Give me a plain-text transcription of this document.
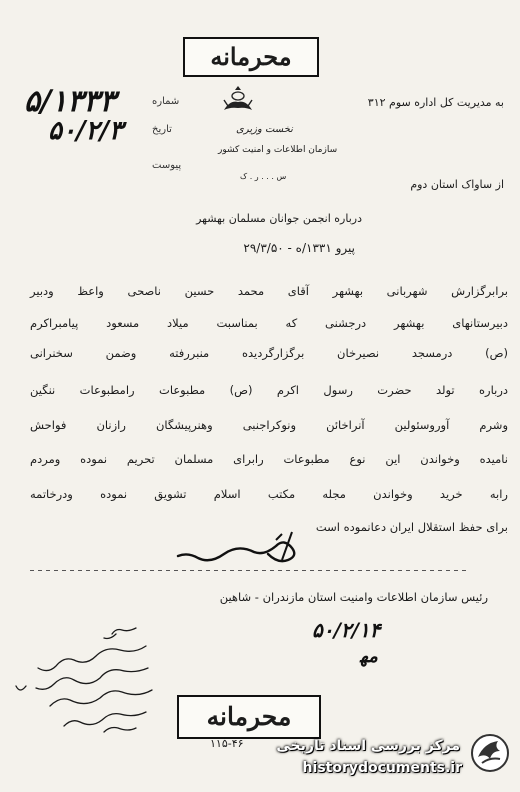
محرمانه
به مدیریت کل اداره سوم ۳۱۲
از ساواک استان دوم
نخست وزیری
سازمان اطلاعات و امنیت کشور
س . . . ر . ک
شماره
تاریخ
پیوست
۵/۱۳۳۳
۵۰/۲/۳
درباره انجمن جوانان مسلمان بهشهر
پیرو ۱۳۳۱/ه - ۲۹/۳/۵۰
برابرگزارش شهربانی بهشهر آقای محمد حسین ناصحی واعظ ودبیر
دبیرستانهای بهشهر درجشنی که بمناسبت میلاد مسعود پیامبراکرم
(ص) درمسجد نصیرخان برگزارگردیده منبررفته وضمن سخنرانی
درباره تولد حضرت رسول اکرم (ص) مطبوعات رامطبوعات ننگین
وشرم آوروسئولین آنراخائن ونوکراجنبی وهنرپیشگان رازنان فواحش
نامیده وخواندن این نوع مطبوعات رابرای مسلمان تحریم نموده ومردم
رابه خرید وخواندن مجله مکتب اسلام تشویق نموده ودرخاتمه
برای حفظ استقلال ایران دعانموده است
رئیس سازمان اطلاعات وامنیت استان مازندران - شاهین
۵۰/۲/۱۴
ﻣﻬ
محرمانه
۱۱۵-۴۶ مرکز بررسی اسناد تاریخی
historydocuments.ir
